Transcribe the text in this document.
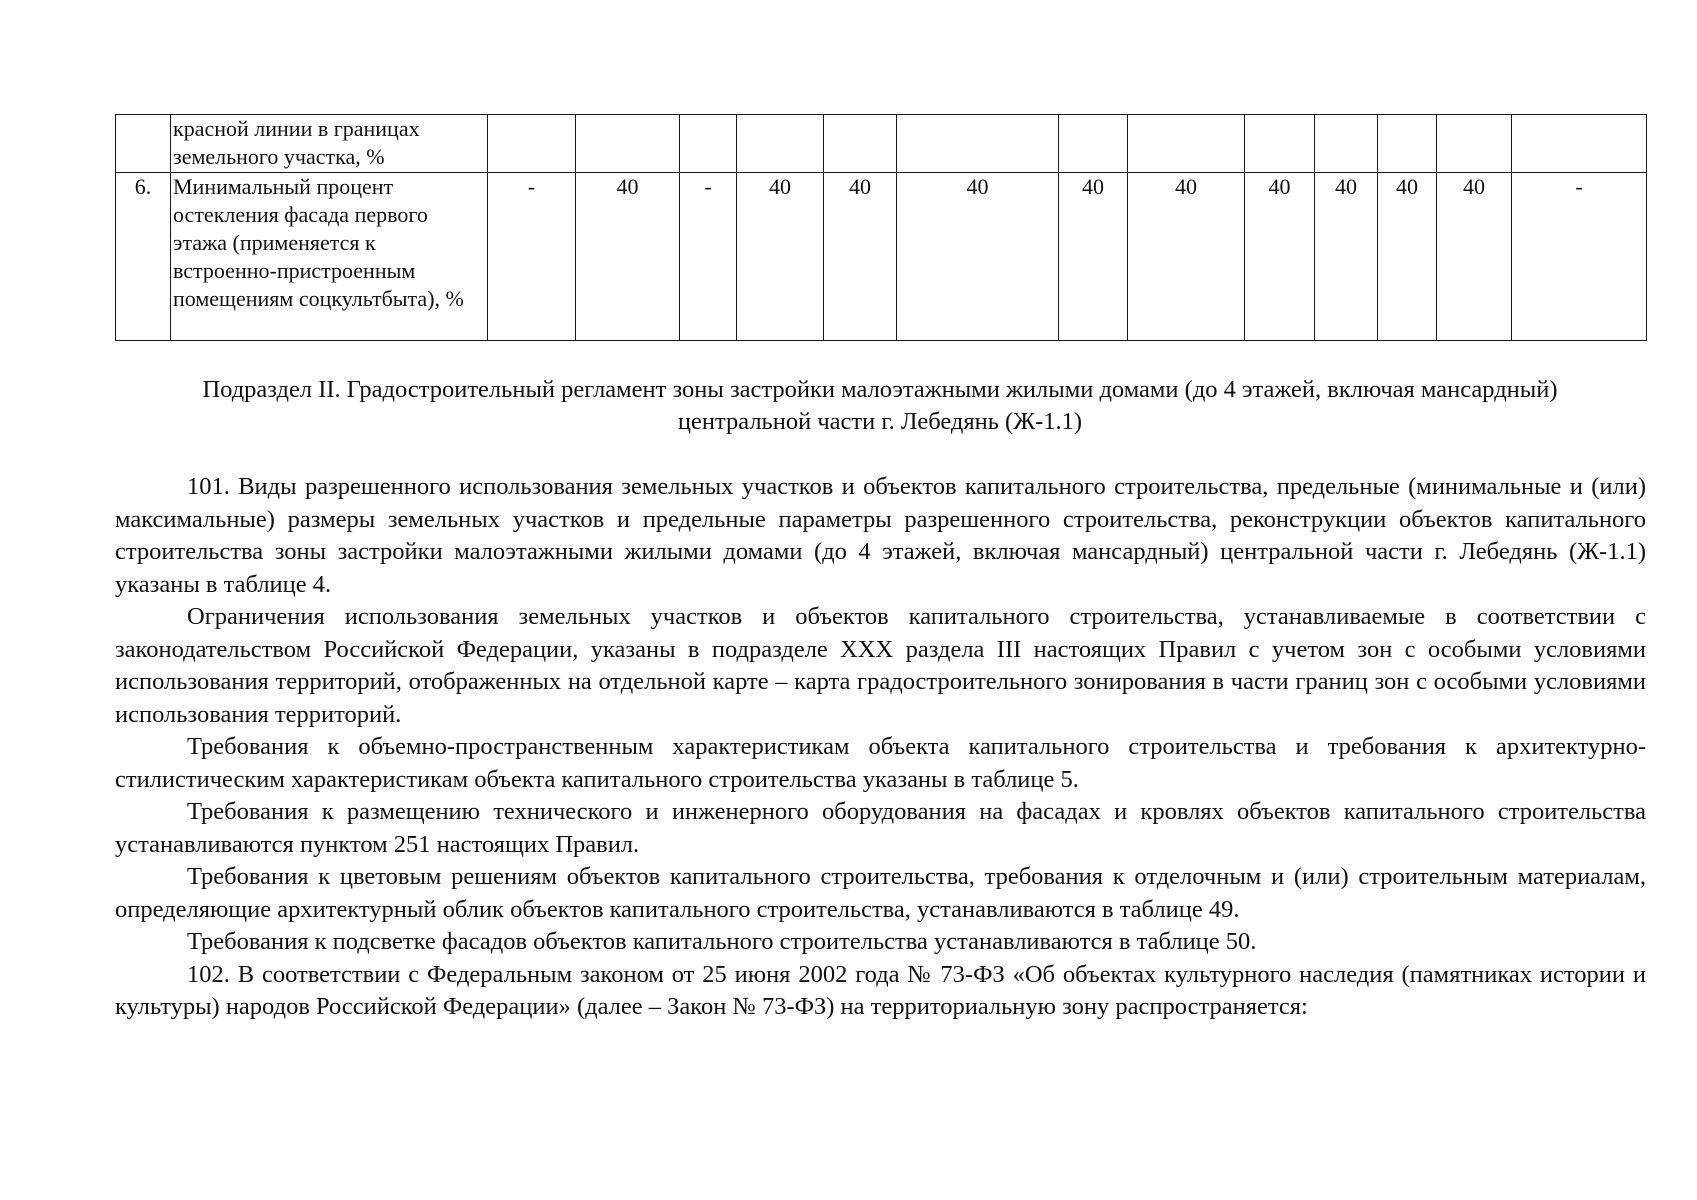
	красной линии в границах земельного участка, %													
6.	Минимальный процент остекления фасада первого этажа (применяется к встроенно-пристроенным помещениям соцкультбыта), %	-	40	-	40	40	40	40	40	40	40	40	40	-
Подраздел II. Градостроительный регламент зоны застройки малоэтажными жилыми домами (до 4 этажей, включая мансардный) центральной части г. Лебедянь (Ж-1.1)

101. Виды разрешенного использования земельных участков и объектов капитального строительства, предельные (минимальные и (или) максимальные) размеры земельных участков и предельные параметры разрешенного строительства, реконструкции объектов капитального строительства зоны застройки малоэтажными жилыми домами (до 4 этажей, включая мансардный) центральной части г. Лебедянь (Ж-1.1) указаны в таблице 4.

Ограничения использования земельных участков и объектов капитального строительства, устанавливаемые в соответствии с законодательством Российской Федерации, указаны в подразделе XXX раздела III настоящих Правил с учетом зон с особыми условиями использования территорий, отображенных на отдельной карте – карта градостроительного зонирования в части границ зон с особыми условиями использования территорий.

Требования к объемно-пространственным характеристикам объекта капитального строительства и требования к архитектурно-стилистическим характеристикам объекта капитального строительства указаны в таблице 5.

Требования к размещению технического и инженерного оборудования на фасадах и кровлях объектов капитального строительства устанавливаются пунктом 251 настоящих Правил.

Требования к цветовым решениям объектов капитального строительства, требования к отделочным и (или) строительным материалам, определяющие архитектурный облик объектов капитального строительства, устанавливаются в таблице 49.

Требования к подсветке фасадов объектов капитального строительства устанавливаются в таблице 50.

102. В соответствии с Федеральным законом от 25 июня 2002 года № 73-ФЗ «Об объектах культурного наследия (памятниках истории и культуры) народов Российской Федерации» (далее – Закон № 73-ФЗ) на территориальную зону распространяется:
